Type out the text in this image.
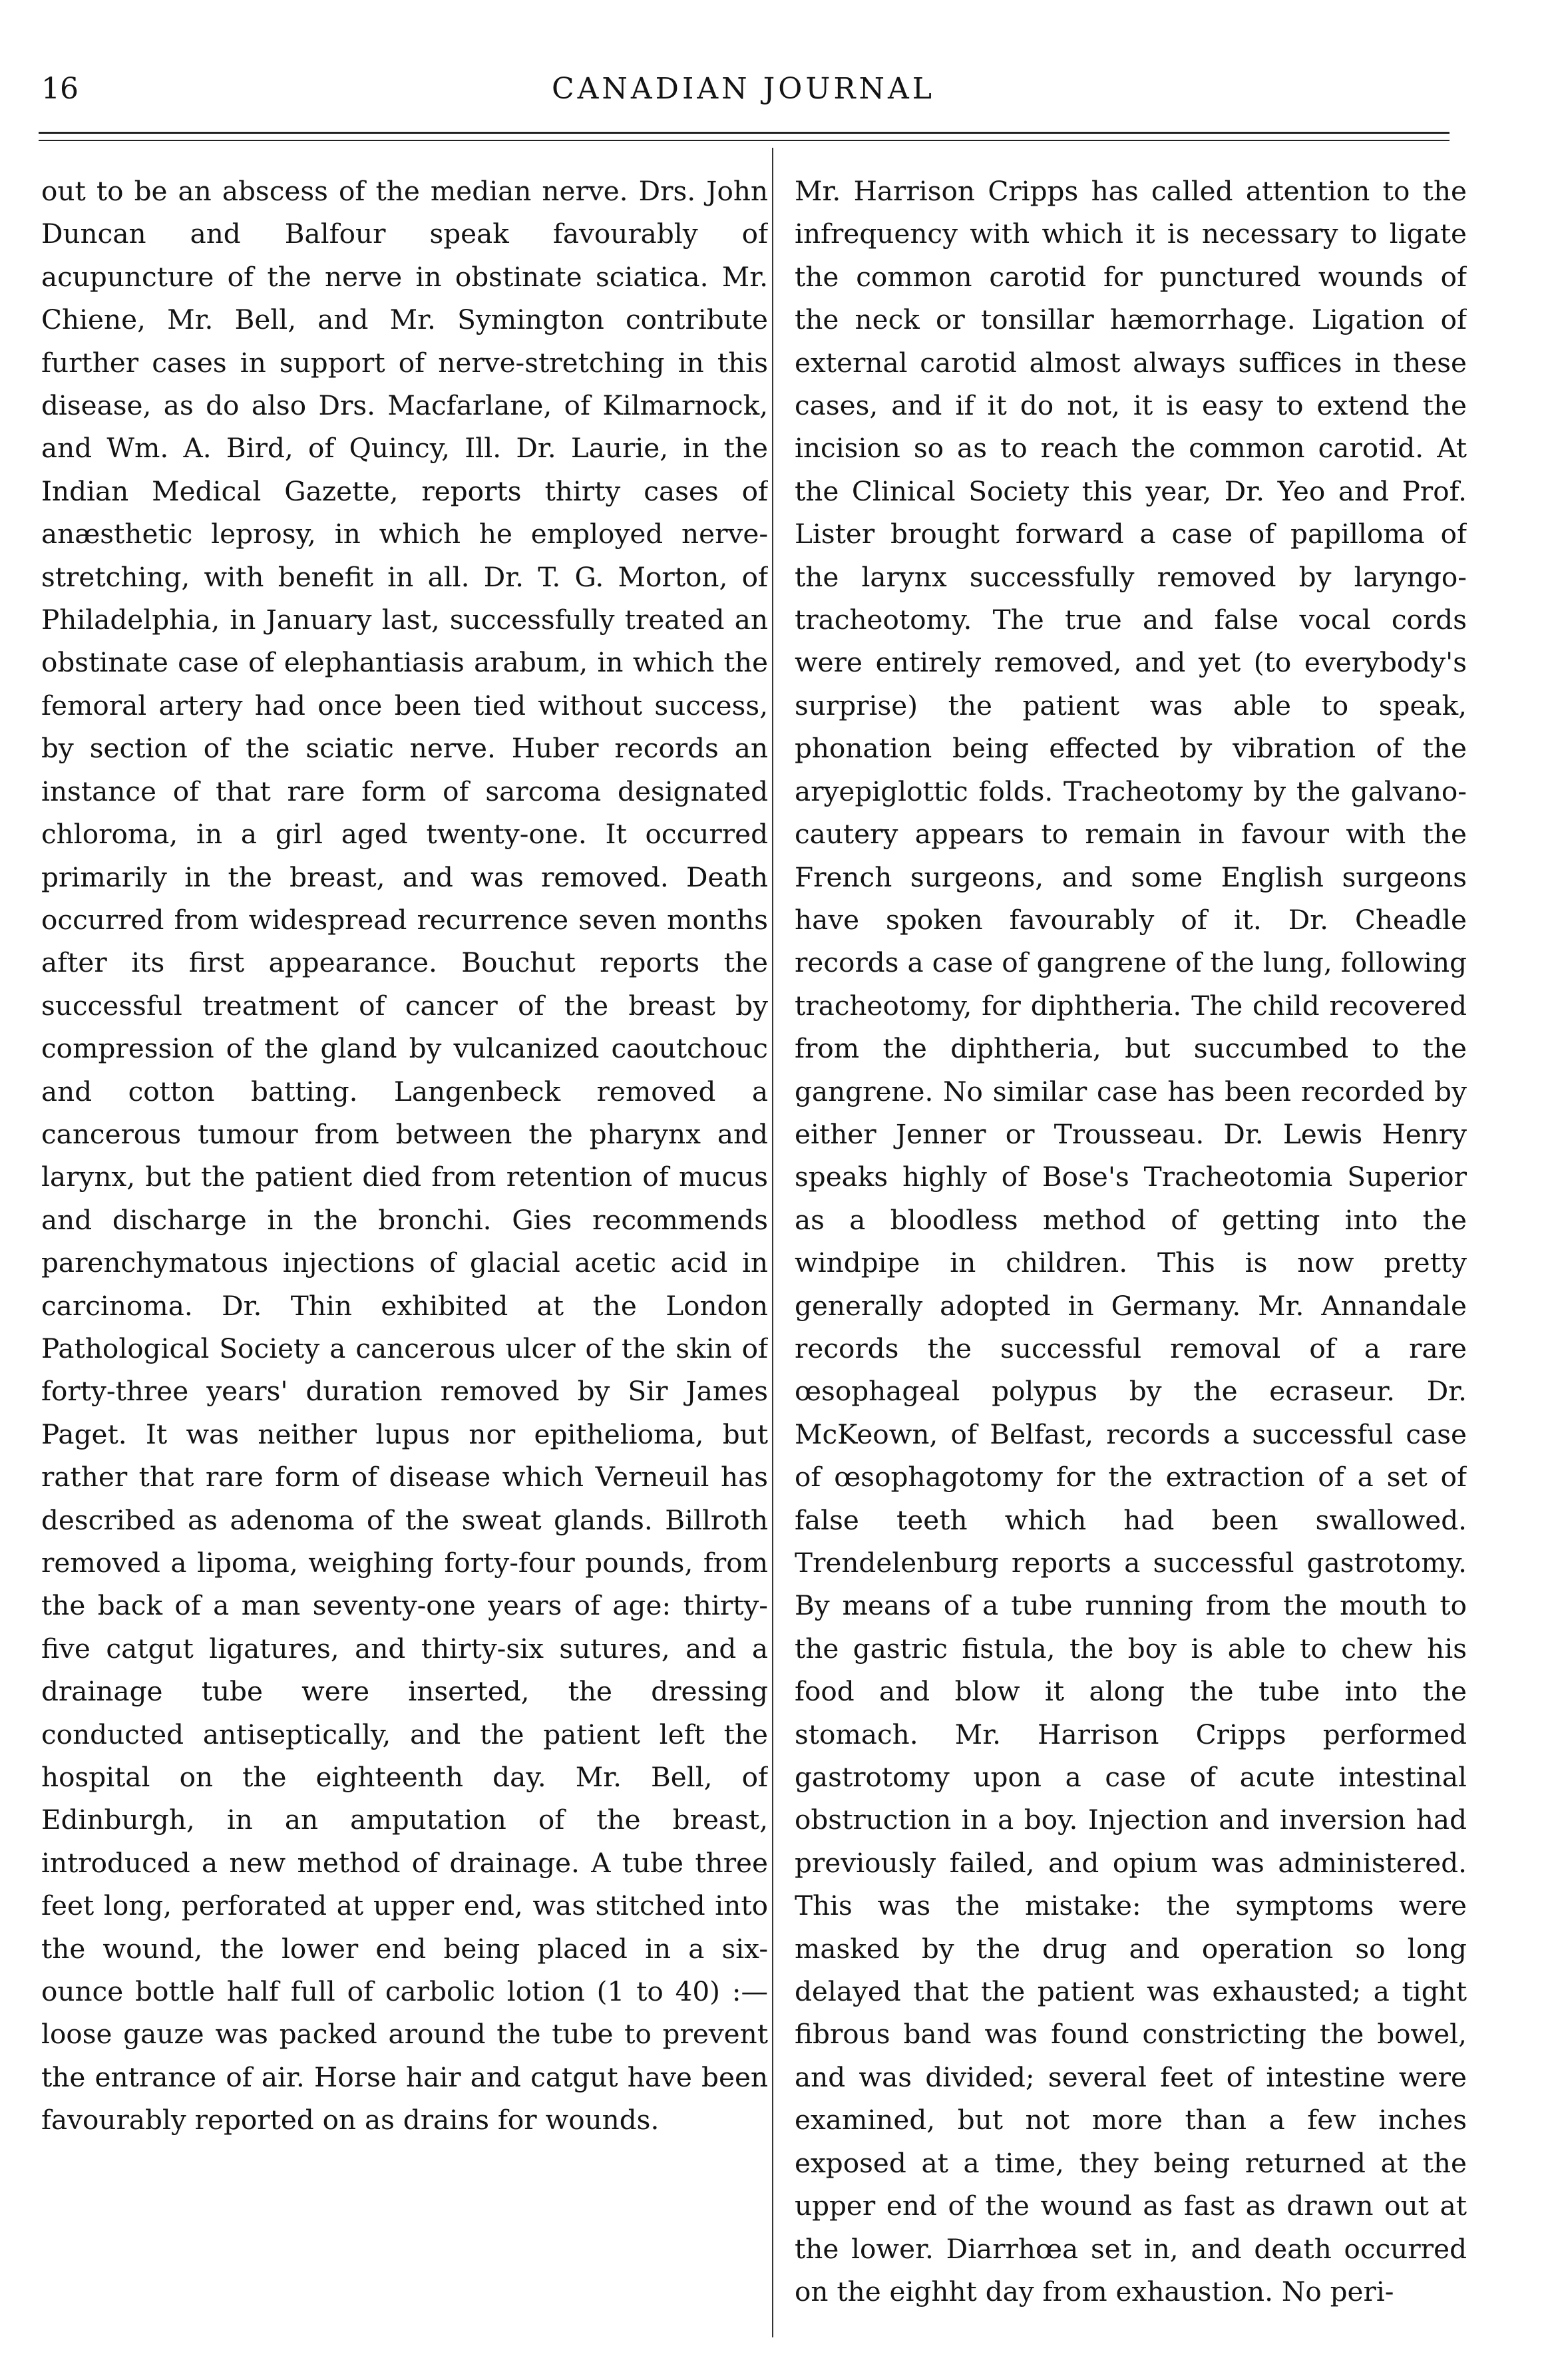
16	CANADIAN JOURNAL

out to be an abscess of the median nerve. Drs. John Duncan and Balfour speak favourably of acupuncture of the nerve in obstinate sciatica. Mr. Chiene, Mr. Bell, and Mr. Symington contribute further cases in support of nerve-stretching in this disease, as do also Drs. Macfarlane, of Kilmarnock, and Wm. A. Bird, of Quincy, Ill. Dr. Laurie, in the Indian Medical Gazette, reports thirty cases of anæsthetic leprosy, in which he employed nerve-stretching, with benefit in all. Dr. T. G. Morton, of Philadelphia, in January last, successfully treated an obstinate case of elephantiasis arabum, in which the femoral artery had once been tied without success, by section of the sciatic nerve. Huber records an instance of that rare form of sarcoma designated chloroma, in a girl aged twenty-one. It occurred primarily in the breast, and was removed. Death occurred from widespread recurrence seven months after its first appearance. Bouchut reports the successful treatment of cancer of the breast by compression of the gland by vulcanized caoutchouc and cotton batting. Langenbeck removed a cancerous tumour from between the pharynx and larynx, but the patient died from retention of mucus and discharge in the bronchi. Gies recommends parenchymatous injections of glacial acetic acid in carcinoma. Dr. Thin exhibited at the London Pathological Society a cancerous ulcer of the skin of forty-three years' duration removed by Sir James Paget. It was neither lupus nor epithelioma, but rather that rare form of disease which Verneuil has described as adenoma of the sweat glands. Billroth removed a lipoma, weighing forty-four pounds, from the back of a man seventy-one years of age: thirty-five catgut ligatures, and thirty-six sutures, and a drainage tube were inserted, the dressing conducted antiseptically, and the patient left the hospital on the eighteenth day. Mr. Bell, of Edinburgh, in an amputation of the breast, introduced a new method of drainage. A tube three feet long, perforated at upper end, was stitched into the wound, the lower end being placed in a six-ounce bottle half full of carbolic lotion (1 to 40) :—loose gauze was packed around the tube to prevent the entrance of air. Horse hair and catgut have been favourably reported on as drains for wounds.

Mr. Harrison Cripps has called attention to the infrequency with which it is necessary to ligate the common carotid for punctured wounds of the neck or tonsillar hæmorrhage. Ligation of external carotid almost always suffices in these cases, and if it do not, it is easy to extend the incision so as to reach the common carotid. At the Clinical Society this year, Dr. Yeo and Prof. Lister brought forward a case of papilloma of the larynx successfully removed by laryngo-tracheotomy. The true and false vocal cords were entirely removed, and yet (to everybody's surprise) the patient was able to speak, phonation being effected by vibration of the aryepiglottic folds. Tracheotomy by the galvano-cautery appears to remain in favour with the French surgeons, and some English surgeons have spoken favourably of it. Dr. Cheadle records a case of gangrene of the lung, following tracheotomy, for diphtheria. The child recovered from the diphtheria, but succumbed to the gangrene. No similar case has been recorded by either Jenner or Trousseau. Dr. Lewis Henry speaks highly of Bose's Tracheotomia Superior as a bloodless method of getting into the windpipe in children. This is now pretty generally adopted in Germany. Mr. Annandale records the successful removal of a rare œsophageal polypus by the ecraseur. Dr. McKeown, of Belfast, records a successful case of œsophagotomy for the extraction of a set of false teeth which had been swallowed. Trendelenburg reports a successful gastrotomy. By means of a tube running from the mouth to the gastric fistula, the boy is able to chew his food and blow it along the tube into the stomach. Mr. Harrison Cripps performed gastrotomy upon a case of acute intestinal obstruction in a boy. Injection and inversion had previously failed, and opium was administered. This was the mistake: the symptoms were masked by the drug and operation so long delayed that the patient was exhausted; a tight fibrous band was found constricting the bowel, and was divided; several feet of intestine were examined, but not more than a few inches exposed at a time, they being returned at the upper end of the wound as fast as drawn out at the lower. Diarrhœa set in, and death occurred on the eighht day from exhaustion. No peri-
